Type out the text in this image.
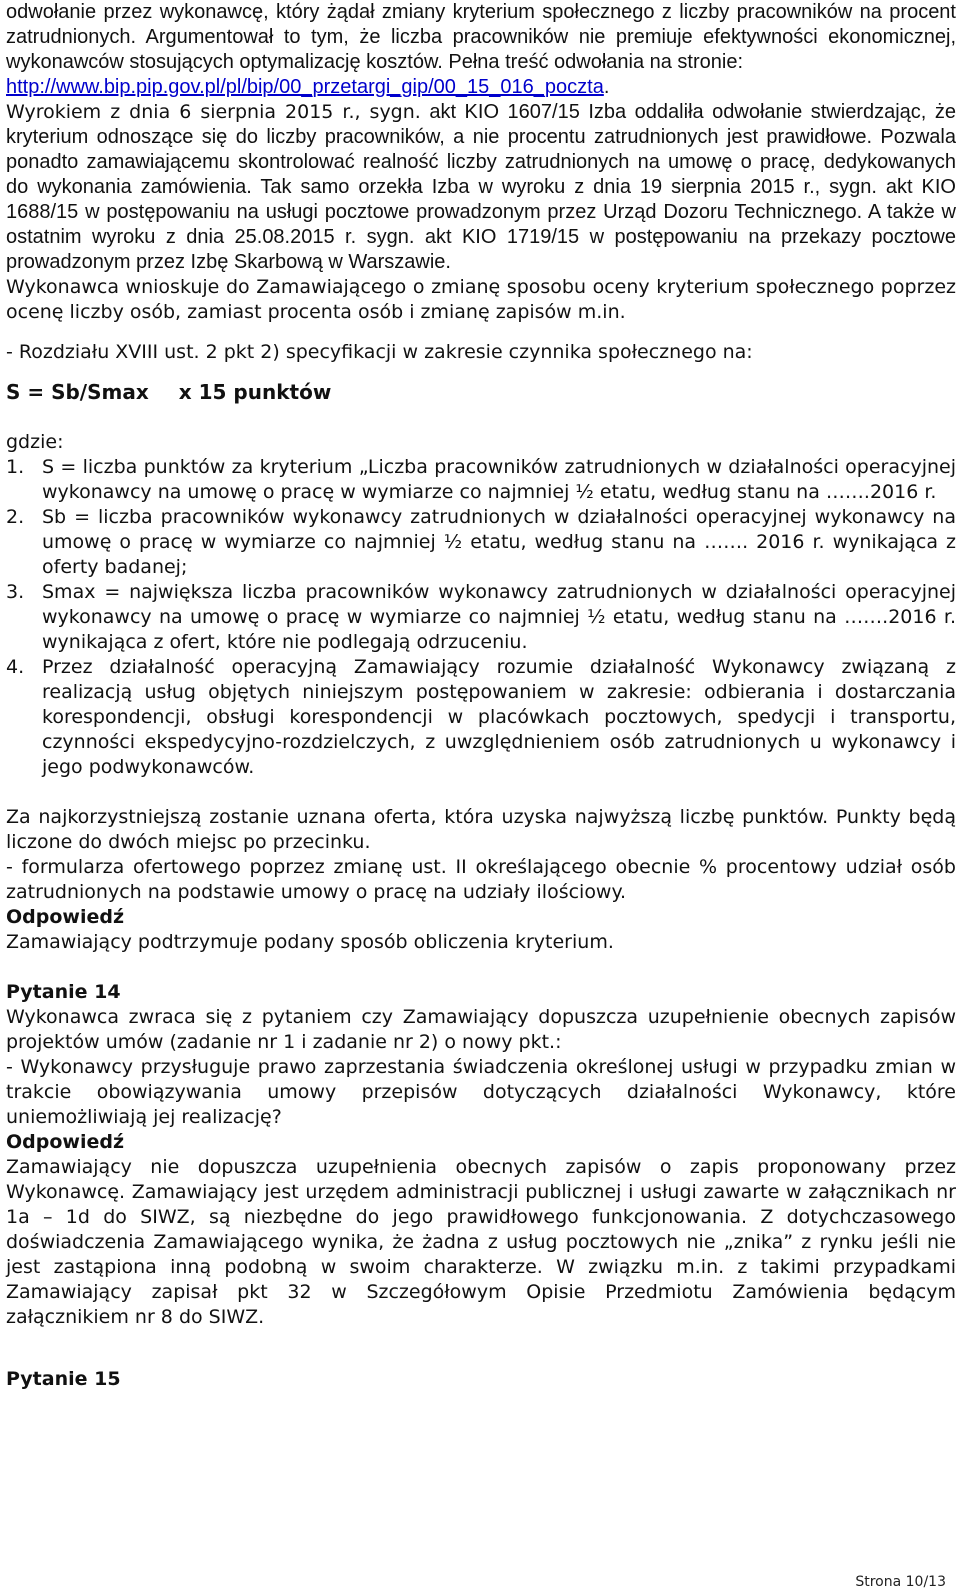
odwołanie przez wykonawcę, który żądał zmiany kryterium społecznego z liczby pracowników na procent zatrudnionych. Argumentował to tym, że liczba pracowników nie premiuje efektywności ekonomicznej, wykonawców stosujących optymalizację kosztów. Pełna treść odwołania na stronie:
http://www.bip.pip.gov.pl/pl/bip/00_przetargi_gip/00_15_016_poczta.

Wyrokiem z dnia 6 sierpnia 2015 r., sygn. akt KIO 1607/15 Izba oddaliła odwołanie stwierdzając, że kryterium odnoszące się do liczby pracowników, a nie procentu zatrudnionych jest prawidłowe. Pozwala ponadto zamawiającemu skontrolować realność liczby zatrudnionych na umowę o pracę, dedykowanych do wykonania zamówienia. Tak samo orzekła Izba w wyroku z dnia 19 sierpnia 2015 r., sygn. akt KIO 1688/15 w postępowaniu na usługi pocztowe prowadzonym przez Urząd Dozoru Technicznego. A także w ostatnim wyroku z dnia 25.08.2015 r. sygn. akt KIO 1719/15 w postępowaniu na przekazy pocztowe prowadzonym przez Izbę Skarbową w Warszawie.

Wykonawca wnioskuje do Zamawiającego o zmianę sposobu oceny kryterium społecznego poprzez ocenę liczby osób, zamiast procenta osób i zmianę zapisów m.in.

- Rozdziału XVIII ust. 2 pkt 2) specyfikacji w zakresie czynnika społecznego na:

S = Sb/Smax x 15 punktów

gdzie:

1. S = liczba punktów za kryterium „Liczba pracowników zatrudnionych w działalności operacyjnej wykonawcy na umowę o pracę w wymiarze co najmniej ½ etatu, według stanu na …….2016 r.
2. Sb = liczba pracowników wykonawcy zatrudnionych w działalności operacyjnej wykonawcy na umowę o pracę w wymiarze co najmniej ½ etatu, według stanu na ……. 2016 r. wynikająca z oferty badanej;
3. Smax = największa liczba pracowników wykonawcy zatrudnionych w działalności operacyjnej wykonawcy na umowę o pracę w wymiarze co najmniej ½ etatu, według stanu na …….2016 r. wynikająca z ofert, które nie podlegają odrzuceniu.
4. Przez działalność operacyjną Zamawiający rozumie działalność Wykonawcy związaną z realizacją usług objętych niniejszym postępowaniem w zakresie: odbierania i dostarczania korespondencji, obsługi korespondencji w placówkach pocztowych, spedycji i transportu, czynności ekspedycyjno-rozdzielczych, z uwzględnieniem osób zatrudnionych u wykonawcy i jego podwykonawców.

Za najkorzystniejszą zostanie uznana oferta, która uzyska najwyższą liczbę punktów. Punkty będą liczone do dwóch miejsc po przecinku.

- formularza ofertowego poprzez zmianę ust. II określającego obecnie % procentowy udział osób zatrudnionych na podstawie umowy o pracę na udziały ilościowy.

Odpowiedź

Zamawiający podtrzymuje podany sposób obliczenia kryterium.

Pytanie 14

Wykonawca zwraca się z pytaniem czy Zamawiający dopuszcza uzupełnienie obecnych zapisów projektów umów (zadanie nr 1 i zadanie nr 2) o nowy pkt.:

- Wykonawcy przysługuje prawo zaprzestania świadczenia określonej usługi w przypadku zmian w trakcie obowiązywania umowy przepisów dotyczących działalności Wykonawcy, które uniemożliwiają jej realizację?

Odpowiedź

Zamawiający nie dopuszcza uzupełnienia obecnych zapisów o zapis proponowany przez Wykonawcę. Zamawiający jest urzędem administracji publicznej i usługi zawarte w załącznikach nr 1a – 1d do SIWZ, są niezbędne do jego prawidłowego funkcjonowania. Z dotychczasowego doświadczenia Zamawiającego wynika, że żadna z usług pocztowych nie „znika” z rynku jeśli nie jest zastąpiona inną podobną w swoim charakterze. W związku m.in. z takimi przypadkami Zamawiający zapisał pkt 32 w Szczegółowym Opisie Przedmiotu Zamówienia będącym załącznikiem nr 8 do SIWZ.

Pytanie 15

Strona 10/13
